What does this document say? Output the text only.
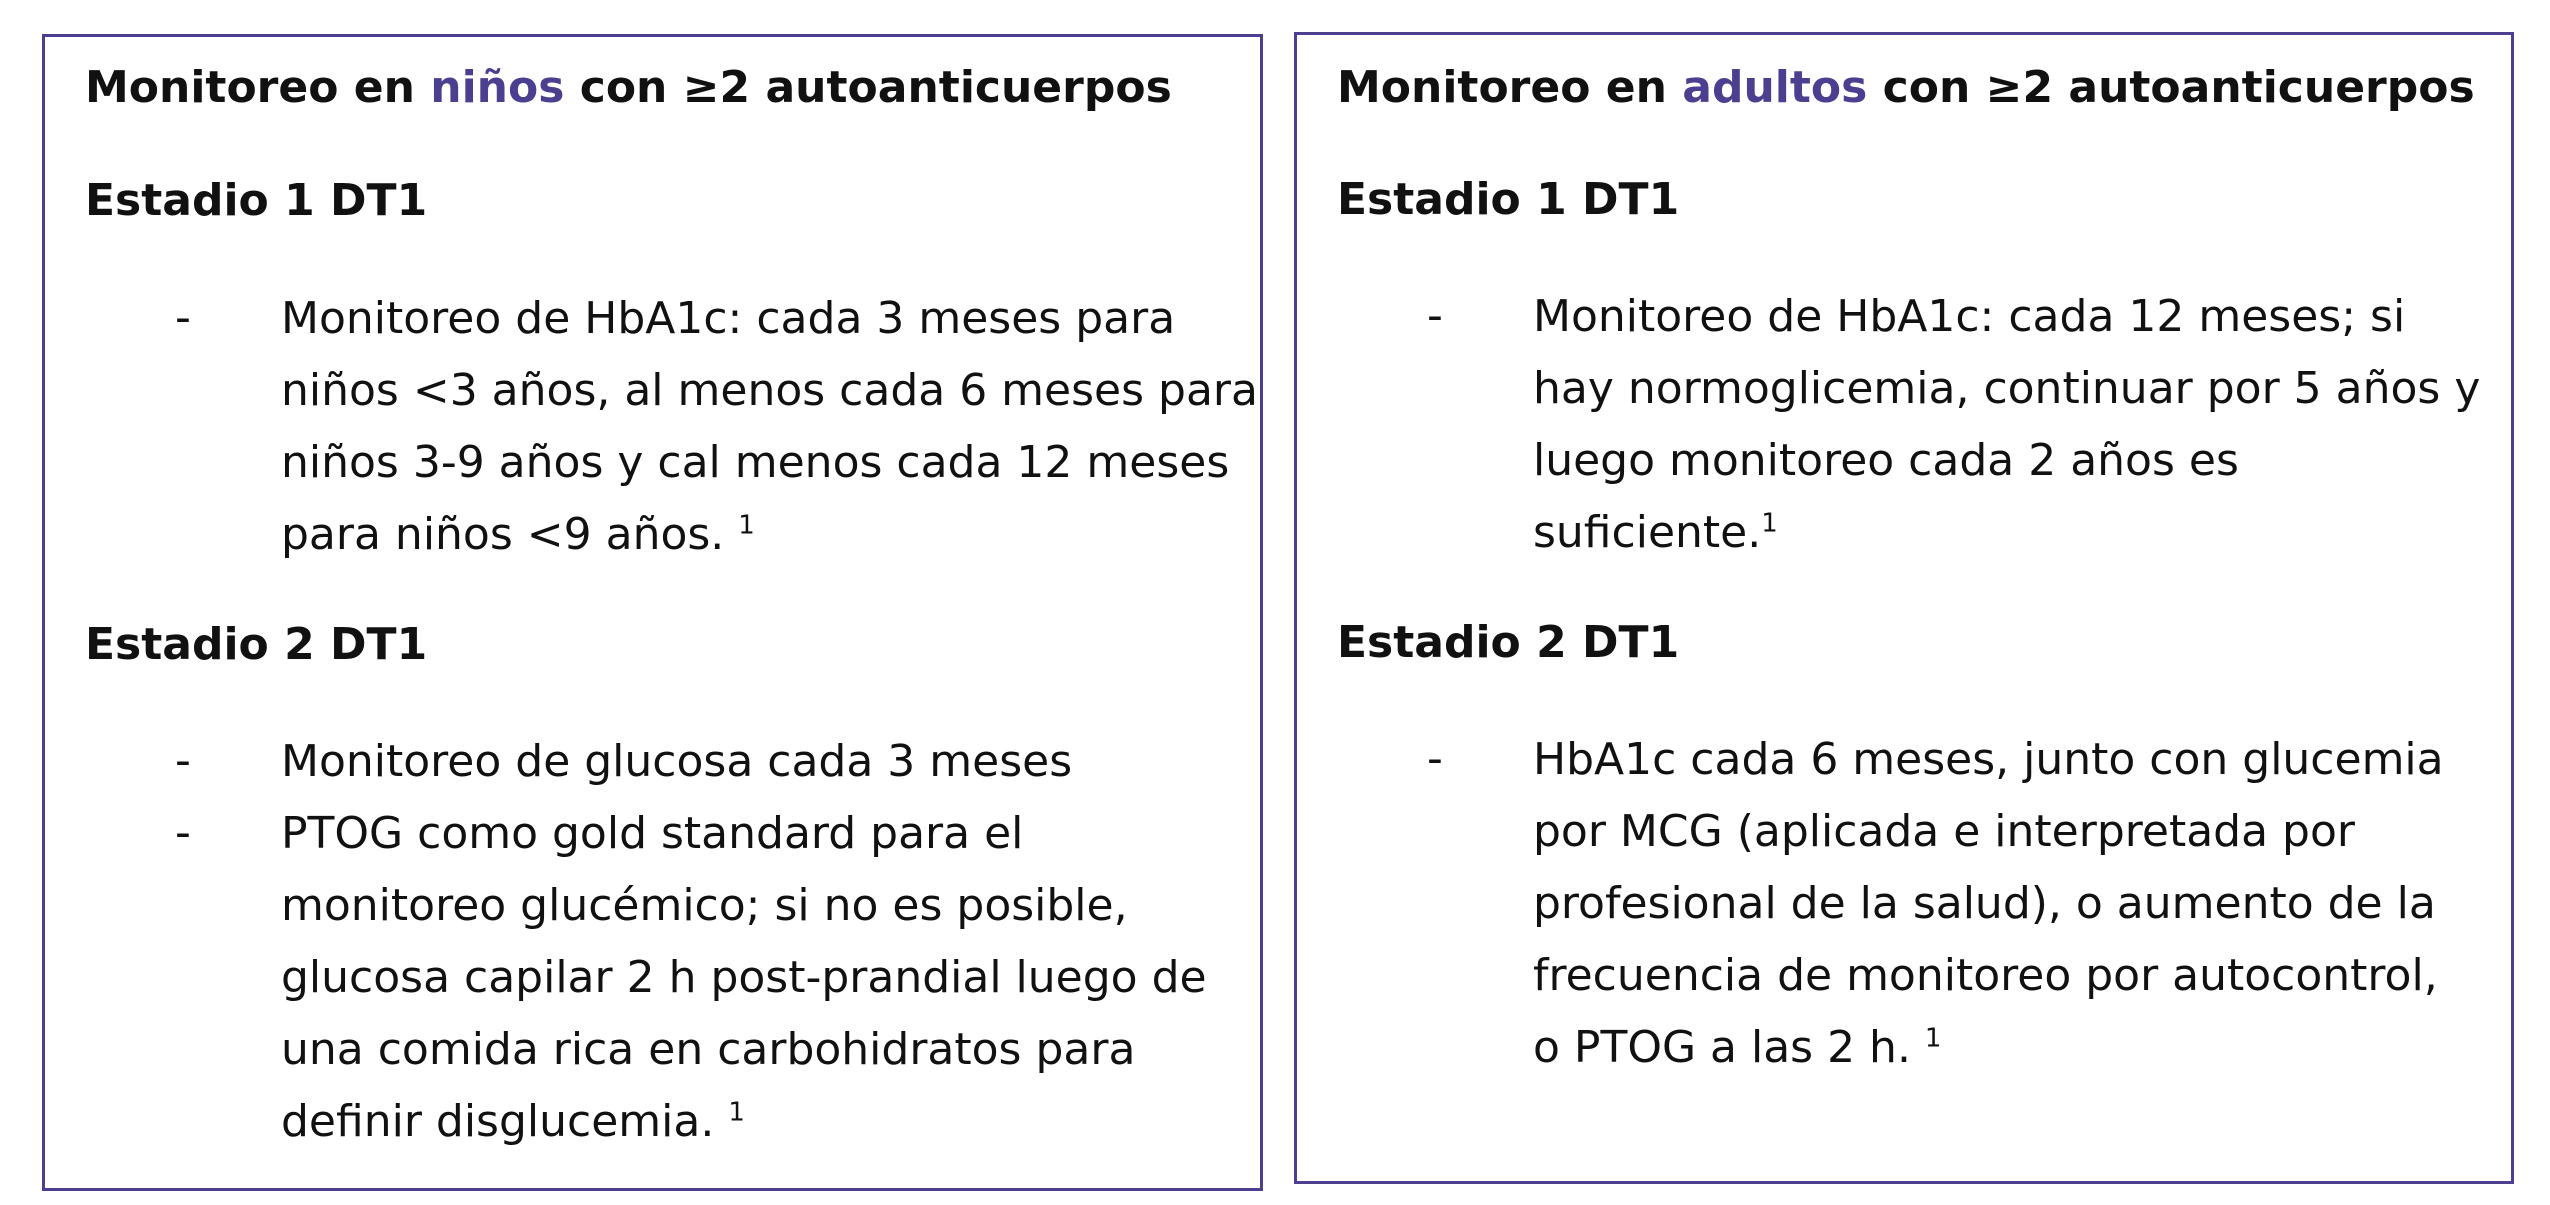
Monitoreo en niños con ≥2 autoanticuerpos
Estadio 1 DT1
- Monitoreo de HbA1c: cada 3 meses para
niños <3 años, al menos cada 6 meses para
niños 3-9 años y cal menos cada 12 meses
para niños <9 años. $^1$

Estadio 2 DT1
- Monitoreo de glucosa cada 3 meses

- PTOG como gold standard para el
monitoreo glucémico; si no es posible,
glucosa capilar 2 h post-prandial luego de
una comida rica en carbohidratos para
definir disglucemia. $^1$

Monitoreo en adultos con ≥2 autoanticuerpos
Estadio 1 DT1
- Monitoreo de HbA1c: cada 12 meses; si
hay normoglicemia, continuar por 5 años y
luego monitoreo cada 2 años es
suficiente.$^1$

Estadio 2 DT1
- HbA1c cada 6 meses, junto con glucemia
por MCG (aplicada e interpretada por
profesional de la salud), o aumento de la
frecuencia de monitoreo por autocontrol,
o PTOG a las 2 h. $^1$
